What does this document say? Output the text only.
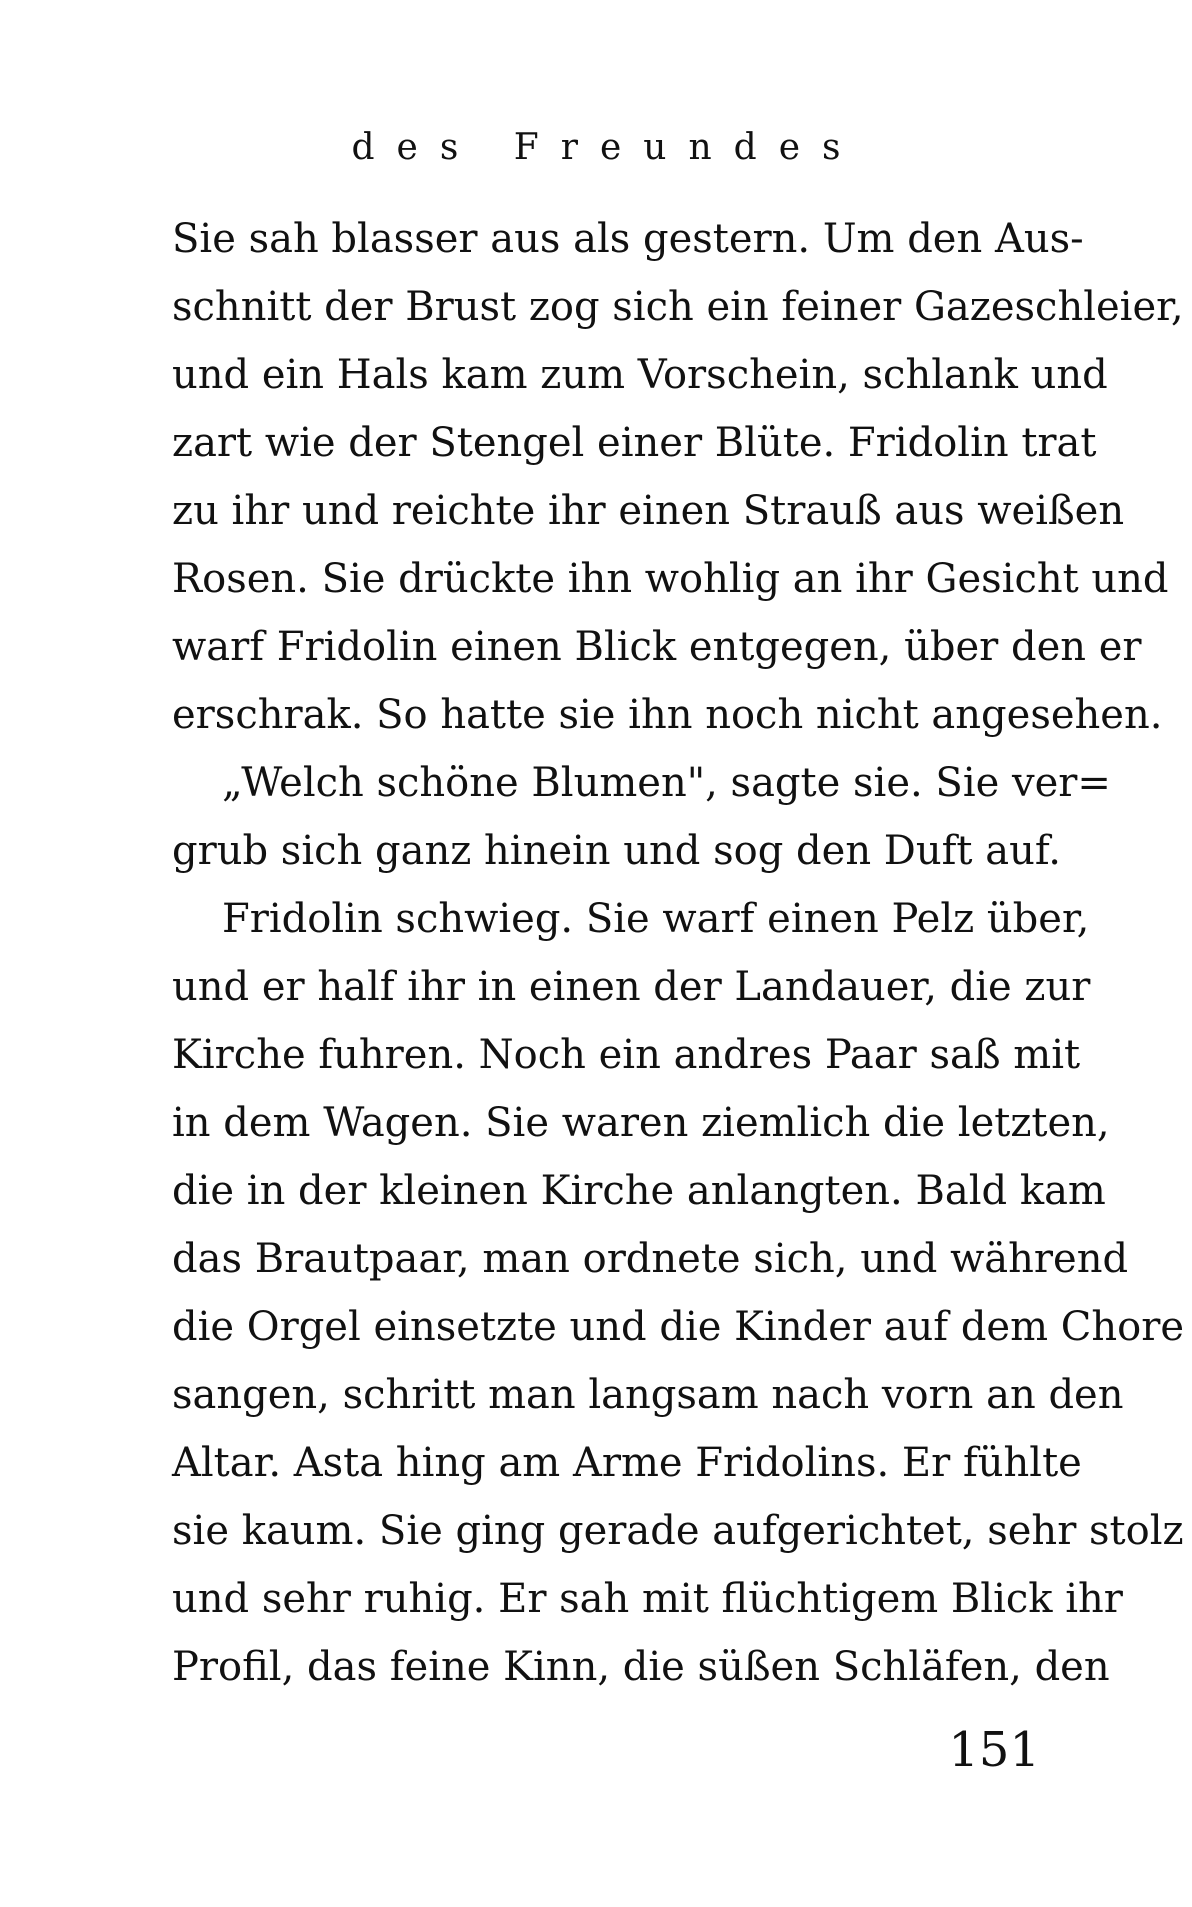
des Freundes
Sie sah blasser aus als gestern. Um den Aus-
schnitt der Brust zog sich ein feiner Gazeschleier,
und ein Hals kam zum Vorschein, schlank und
zart wie der Stengel einer Blüte. Fridolin trat
zu ihr und reichte ihr einen Strauß aus weißen
Rosen. Sie drückte ihn wohlig an ihr Gesicht und
warf Fridolin einen Blick entgegen, über den er
erschrak. So hatte sie ihn noch nicht angesehen.
„Welch schöne Blumen", sagte sie. Sie ver=
grub sich ganz hinein und sog den Duft auf.
Fridolin schwieg. Sie warf einen Pelz über,
und er half ihr in einen der Landauer, die zur
Kirche fuhren. Noch ein andres Paar saß mit
in dem Wagen. Sie waren ziemlich die letzten,
die in der kleinen Kirche anlangten. Bald kam
das Brautpaar, man ordnete sich, und während
die Orgel einsetzte und die Kinder auf dem Chore
sangen, schritt man langsam nach vorn an den
Altar. Asta hing am Arme Fridolins. Er fühlte
sie kaum. Sie ging gerade aufgerichtet, sehr stolz
und sehr ruhig. Er sah mit flüchtigem Blick ihr
Profil, das feine Kinn, die süßen Schläfen, den
151
